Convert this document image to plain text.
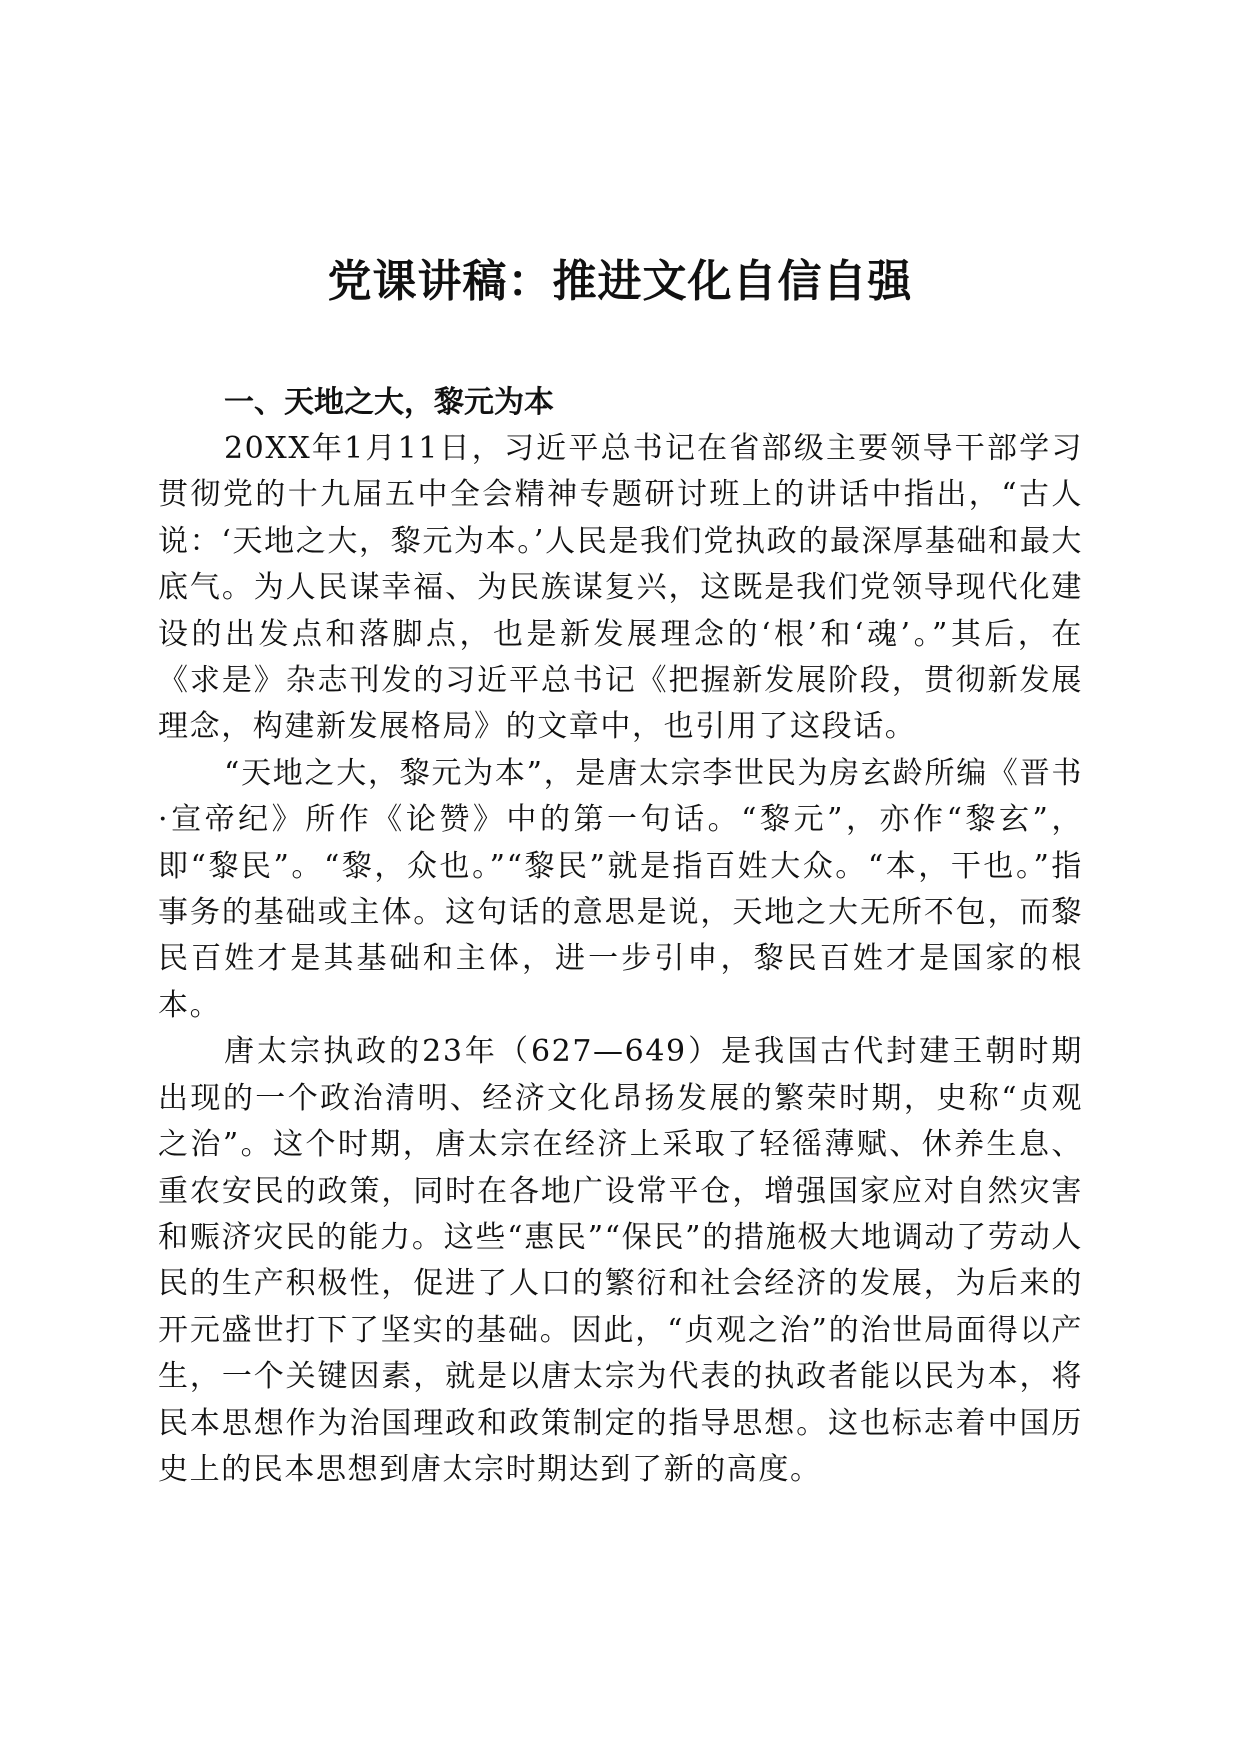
党课讲稿：推进文化自信自强
一、天地之大，黎元为本

20XX年1月11日，习近平总书记在省部级主要领导干部学习贯彻党的十九届五中全会精神专题研讨班上的讲话中指出，“古人说：‘天地之大，黎元为本。’人民是我们党执政的最深厚基础和最大底气。为人民谋幸福、为民族谋复兴，这既是我们党领导现代化建设的出发点和落脚点，也是新发展理念的‘根’和‘魂’。”其后，在《求是》杂志刊发的习近平总书记《把握新发展阶段，贯彻新发展理念，构建新发展格局》的文章中，也引用了这段话。

“天地之大，黎元为本”，是唐太宗李世民为房玄龄所编《晋书·宣帝纪》所作《论赞》中的第一句话。“黎元”，亦作“黎玄”，即“黎民”。“黎，众也。”“黎民”就是指百姓大众。“本，干也。”指事务的基础或主体。这句话的意思是说，天地之大无所不包，而黎民百姓才是其基础和主体，进一步引申，黎民百姓才是国家的根本。

唐太宗执政的23年（627—649）是我国古代封建王朝时期出现的一个政治清明、经济文化昂扬发展的繁荣时期，史称“贞观之治”。这个时期，唐太宗在经济上采取了轻徭薄赋、休养生息、重农安民的政策，同时在各地广设常平仓，增强国家应对自然灾害和赈济灾民的能力。这些“惠民”“保民”的措施极大地调动了劳动人民的生产积极性，促进了人口的繁衍和社会经济的发展，为后来的开元盛世打下了坚实的基础。因此，“贞观之治”的治世局面得以产生，一个关键因素，就是以唐太宗为代表的执政者能以民为本，将民本思想作为治国理政和政策制定的指导思想。这也标志着中国历史上的民本思想到唐太宗时期达到了新的高度。
